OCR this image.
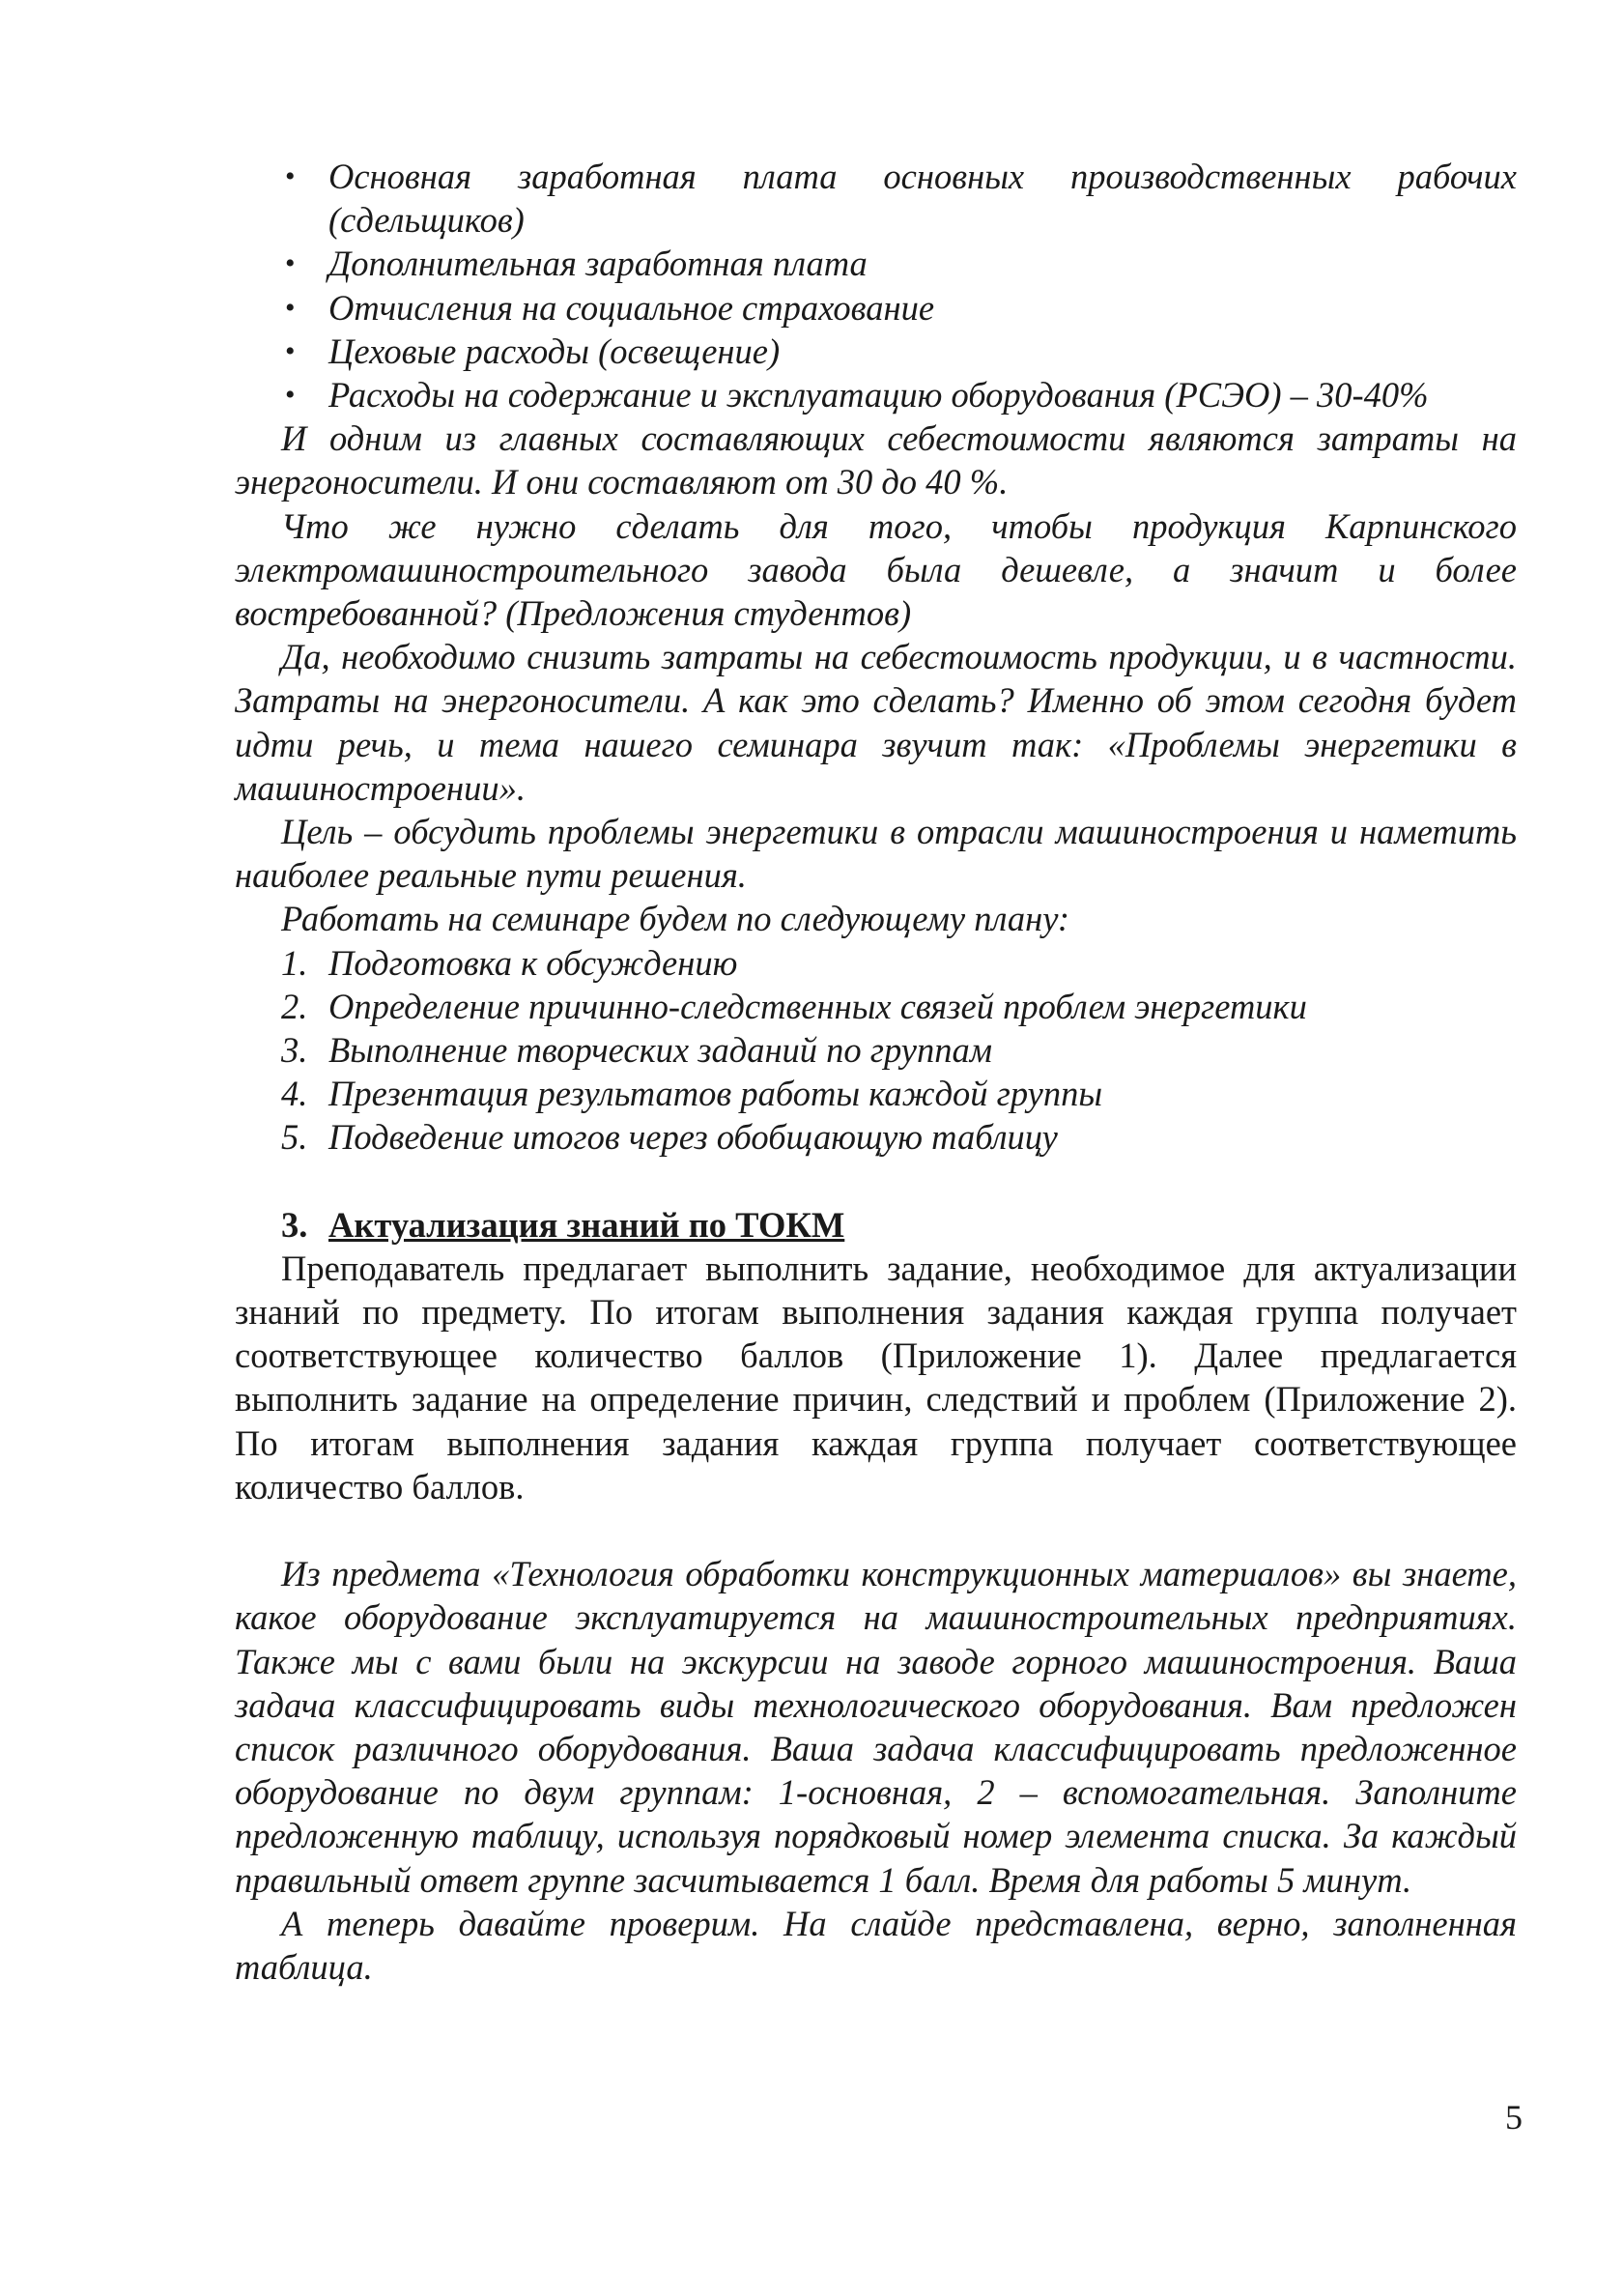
• Основная заработная плата основных производственных рабочих (сдельщиков)
• Дополнительная заработная плата
• Отчисления на социальное страхование
• Цеховые расходы (освещение)
• Расходы на содержание и эксплуатацию оборудования (РСЭО) – 30-40%

И одним из главных составляющих себестоимости являются затраты на энергоносители. И они составляют от 30 до 40 %.

Что же нужно сделать для того, чтобы продукция Карпинского электромашиностроительного завода была дешевле, а значит и более востребованной? (Предложения студентов)

Да, необходимо снизить затраты на себестоимость продукции, и в частности. Затраты на энергоносители. А как это сделать? Именно об этом сегодня будет идти речь, и тема нашего семинара звучит так: «Проблемы энергетики в машиностроении».

Цель – обсудить проблемы энергетики в отрасли машиностроения и наметить наиболее реальные пути решения.

Работать на семинаре будем по следующему плану:

1. Подготовка к обсуждению
2. Определение причинно-следственных связей проблем энергетики
3. Выполнение творческих заданий по группам
4. Презентация результатов работы каждой группы
5. Подведение итогов через обобщающую таблицу
3. Актуализация знаний по ТОКМ

Преподаватель предлагает выполнить задание, необходимое для актуализации знаний по предмету. По итогам выполнения задания каждая группа получает соответствующее количество баллов (Приложение 1). Далее предлагается выполнить задание на определение причин, следствий и проблем (Приложение 2). По итогам выполнения задания каждая группа получает соответствующее количество баллов.

Из предмета «Технология обработки конструкционных материалов» вы знаете, какое оборудование эксплуатируется на машиностроительных предприятиях. Также мы с вами были на экскурсии на заводе горного машиностроения. Ваша задача классифицировать виды технологического оборудования. Вам предложен список различного оборудования. Ваша задача классифицировать предложенное оборудование по двум группам: 1-основная, 2 – вспомогательная. Заполните предложенную таблицу, используя порядковый номер элемента списка. За каждый правильный ответ группе засчитывается 1 балл. Время для работы 5 минут.

А теперь давайте проверим. На слайде представлена, верно, заполненная таблица.

5
